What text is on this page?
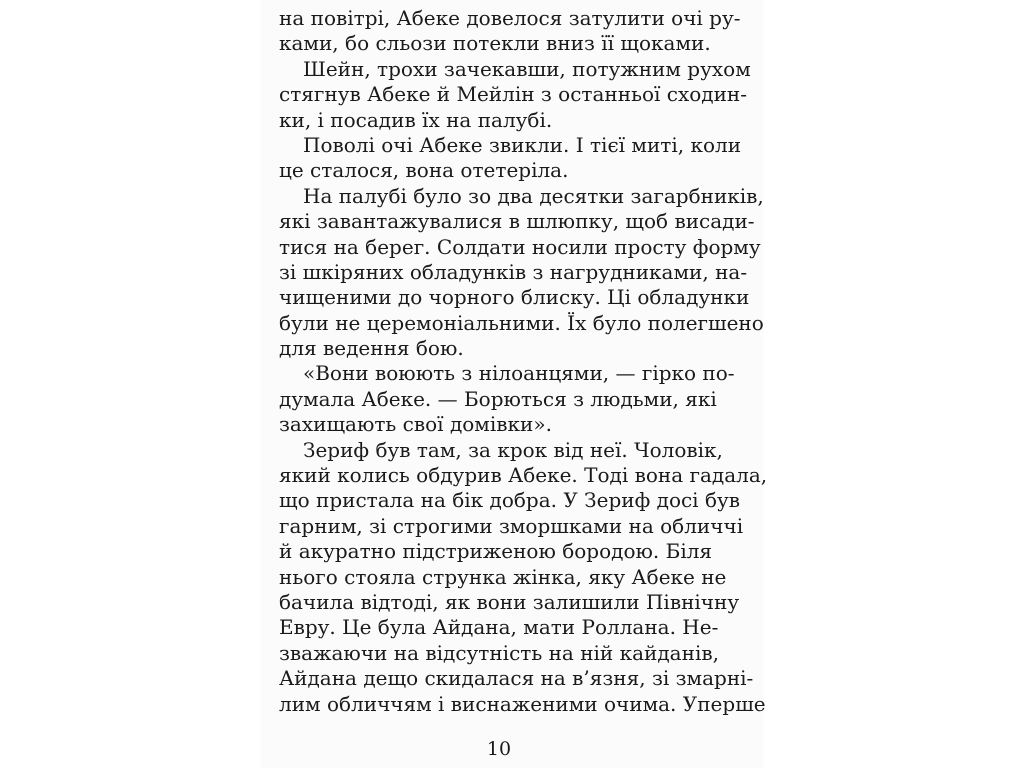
на повітрі, Абеке довелося затулити очі ру-
ками, бо сльози потекли вниз її щоками.
Шейн, трохи зачекавши, потужним рухом
стягнув Абеке й Мейлін з останньої сходин-
ки, і посадив їх на палубі.
Поволі очі Абеке звикли. І тієї миті, коли
це сталося, вона отетеріла.
На палубі було зо два десятки загарбників,
які завантажувалися в шлюпку, щоб висади-
тися на берег. Солдати носили просту форму
зі шкіряних обладунків з нагрудниками, на-
чищеними до чорного блиску. Ці обладунки
були не церемоніальними. Їх було полегшено
для ведення бою.
«Вони воюють з нілоанцями, — гірко по-
думала Абеке. — Борються з людьми, які
захищають свої домівки».
Зериф був там, за крок від неї. Чоловік,
який колись обдурив Абеке. Тоді вона гадала,
що пристала на бік добра. У Зериф досі був
гарним, зі строгими зморшками на обличчі
й акуратно підстриженою бородою. Біля
нього стояла струнка жінка, яку Абеке не
бачила відтоді, як вони залишили Північну
Евру. Це була Айдана, мати Роллана. Не-
зважаючи на відсутність на ній кайданів,
Айдана дещо скидалася на в’язня, зі змарні-
лим обличчям і виснаженими очима. Уперше
10
